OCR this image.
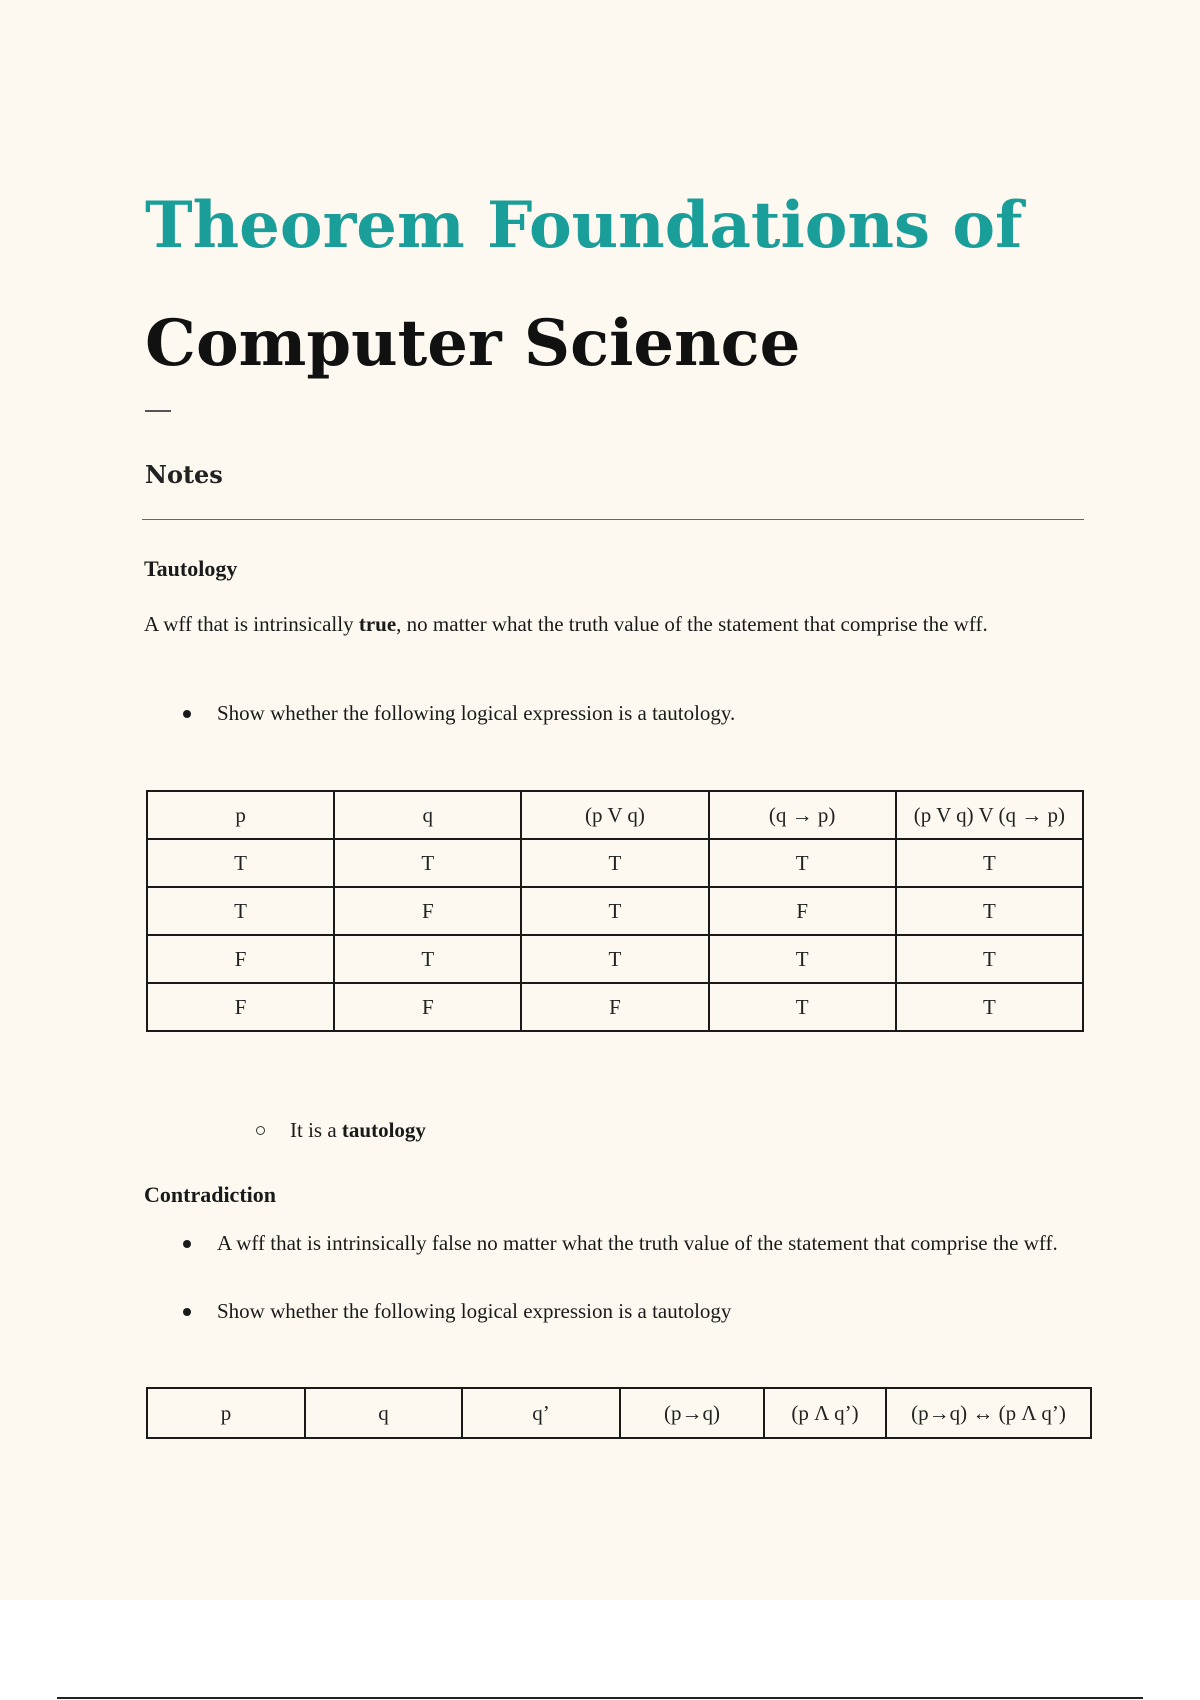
Theorem Foundations of
Computer Science
Notes
Tautology
A wff that is intrinsically true, no matter what the truth value of the statement that comprise the wff.
Show whether the following logical expression is a tautology.
p	q	(p V q)	(q → p)	(p V q) V (q → p)
T	T	T	T	T
T	F	T	F	T
F	T	T	T	T
F	F	F	T	T
It is a tautology
Contradiction
A wff that is intrinsically false no matter what the truth value of the statement that comprise the wff.
Show whether the following logical expression is a tautology
p	q	q’	(p→q)	(p Λ q’)	(p→q) ↔ (p Λ q’)
